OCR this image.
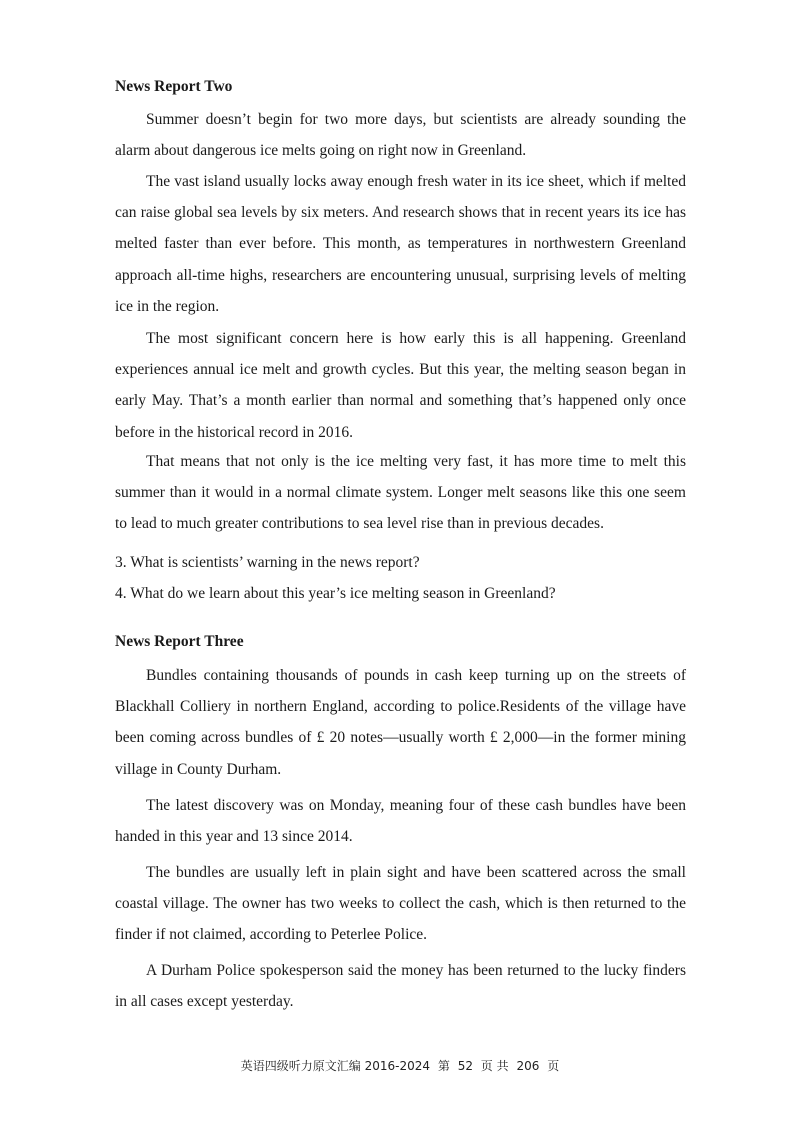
News Report Two

Summer doesn’t begin for two more days, but scientists are already sounding the alarm about dangerous ice melts going on right now in Greenland.

The vast island usually locks away enough fresh water in its ice sheet, which if melted can raise global sea levels by six meters. And research shows that in recent years its ice has melted faster than ever before. This month, as temperatures in northwestern Greenland approach all-time highs, researchers are encountering unusual, surprising levels of melting ice in the region.

The most significant concern here is how early this is all happening. Greenland experiences annual ice melt and growth cycles. But this year, the melting season began in early May. That’s a month earlier than normal and something that’s happened only once before in the historical record in 2016.

That means that not only is the ice melting very fast, it has more time to melt this summer than it would in a normal climate system. Longer melt seasons like this one seem to lead to much greater contributions to sea level rise than in previous decades.

3. What is scientists’ warning in the news report?
4. What do we learn about this year’s ice melting season in Greenland?
News Report Three

Bundles containing thousands of pounds in cash keep turning up on the streets of Blackhall Colliery in northern England, according to police.Residents of the village have been coming across bundles of £ 20 notes—usually worth £ 2,000—in the former mining village in County Durham.

The latest discovery was on Monday, meaning four of these cash bundles have been handed in this year and 13 since 2014.

The bundles are usually left in plain sight and have been scattered across the small coastal village. The owner has two weeks to collect the cash, which is then returned to the finder if not claimed, according to Peterlee Police.

A Durham Police spokesperson said the money has been returned to the lucky finders in all cases except yesterday.

英语四级听力原文汇编 2016-2024 第 52 页 共 206 页
